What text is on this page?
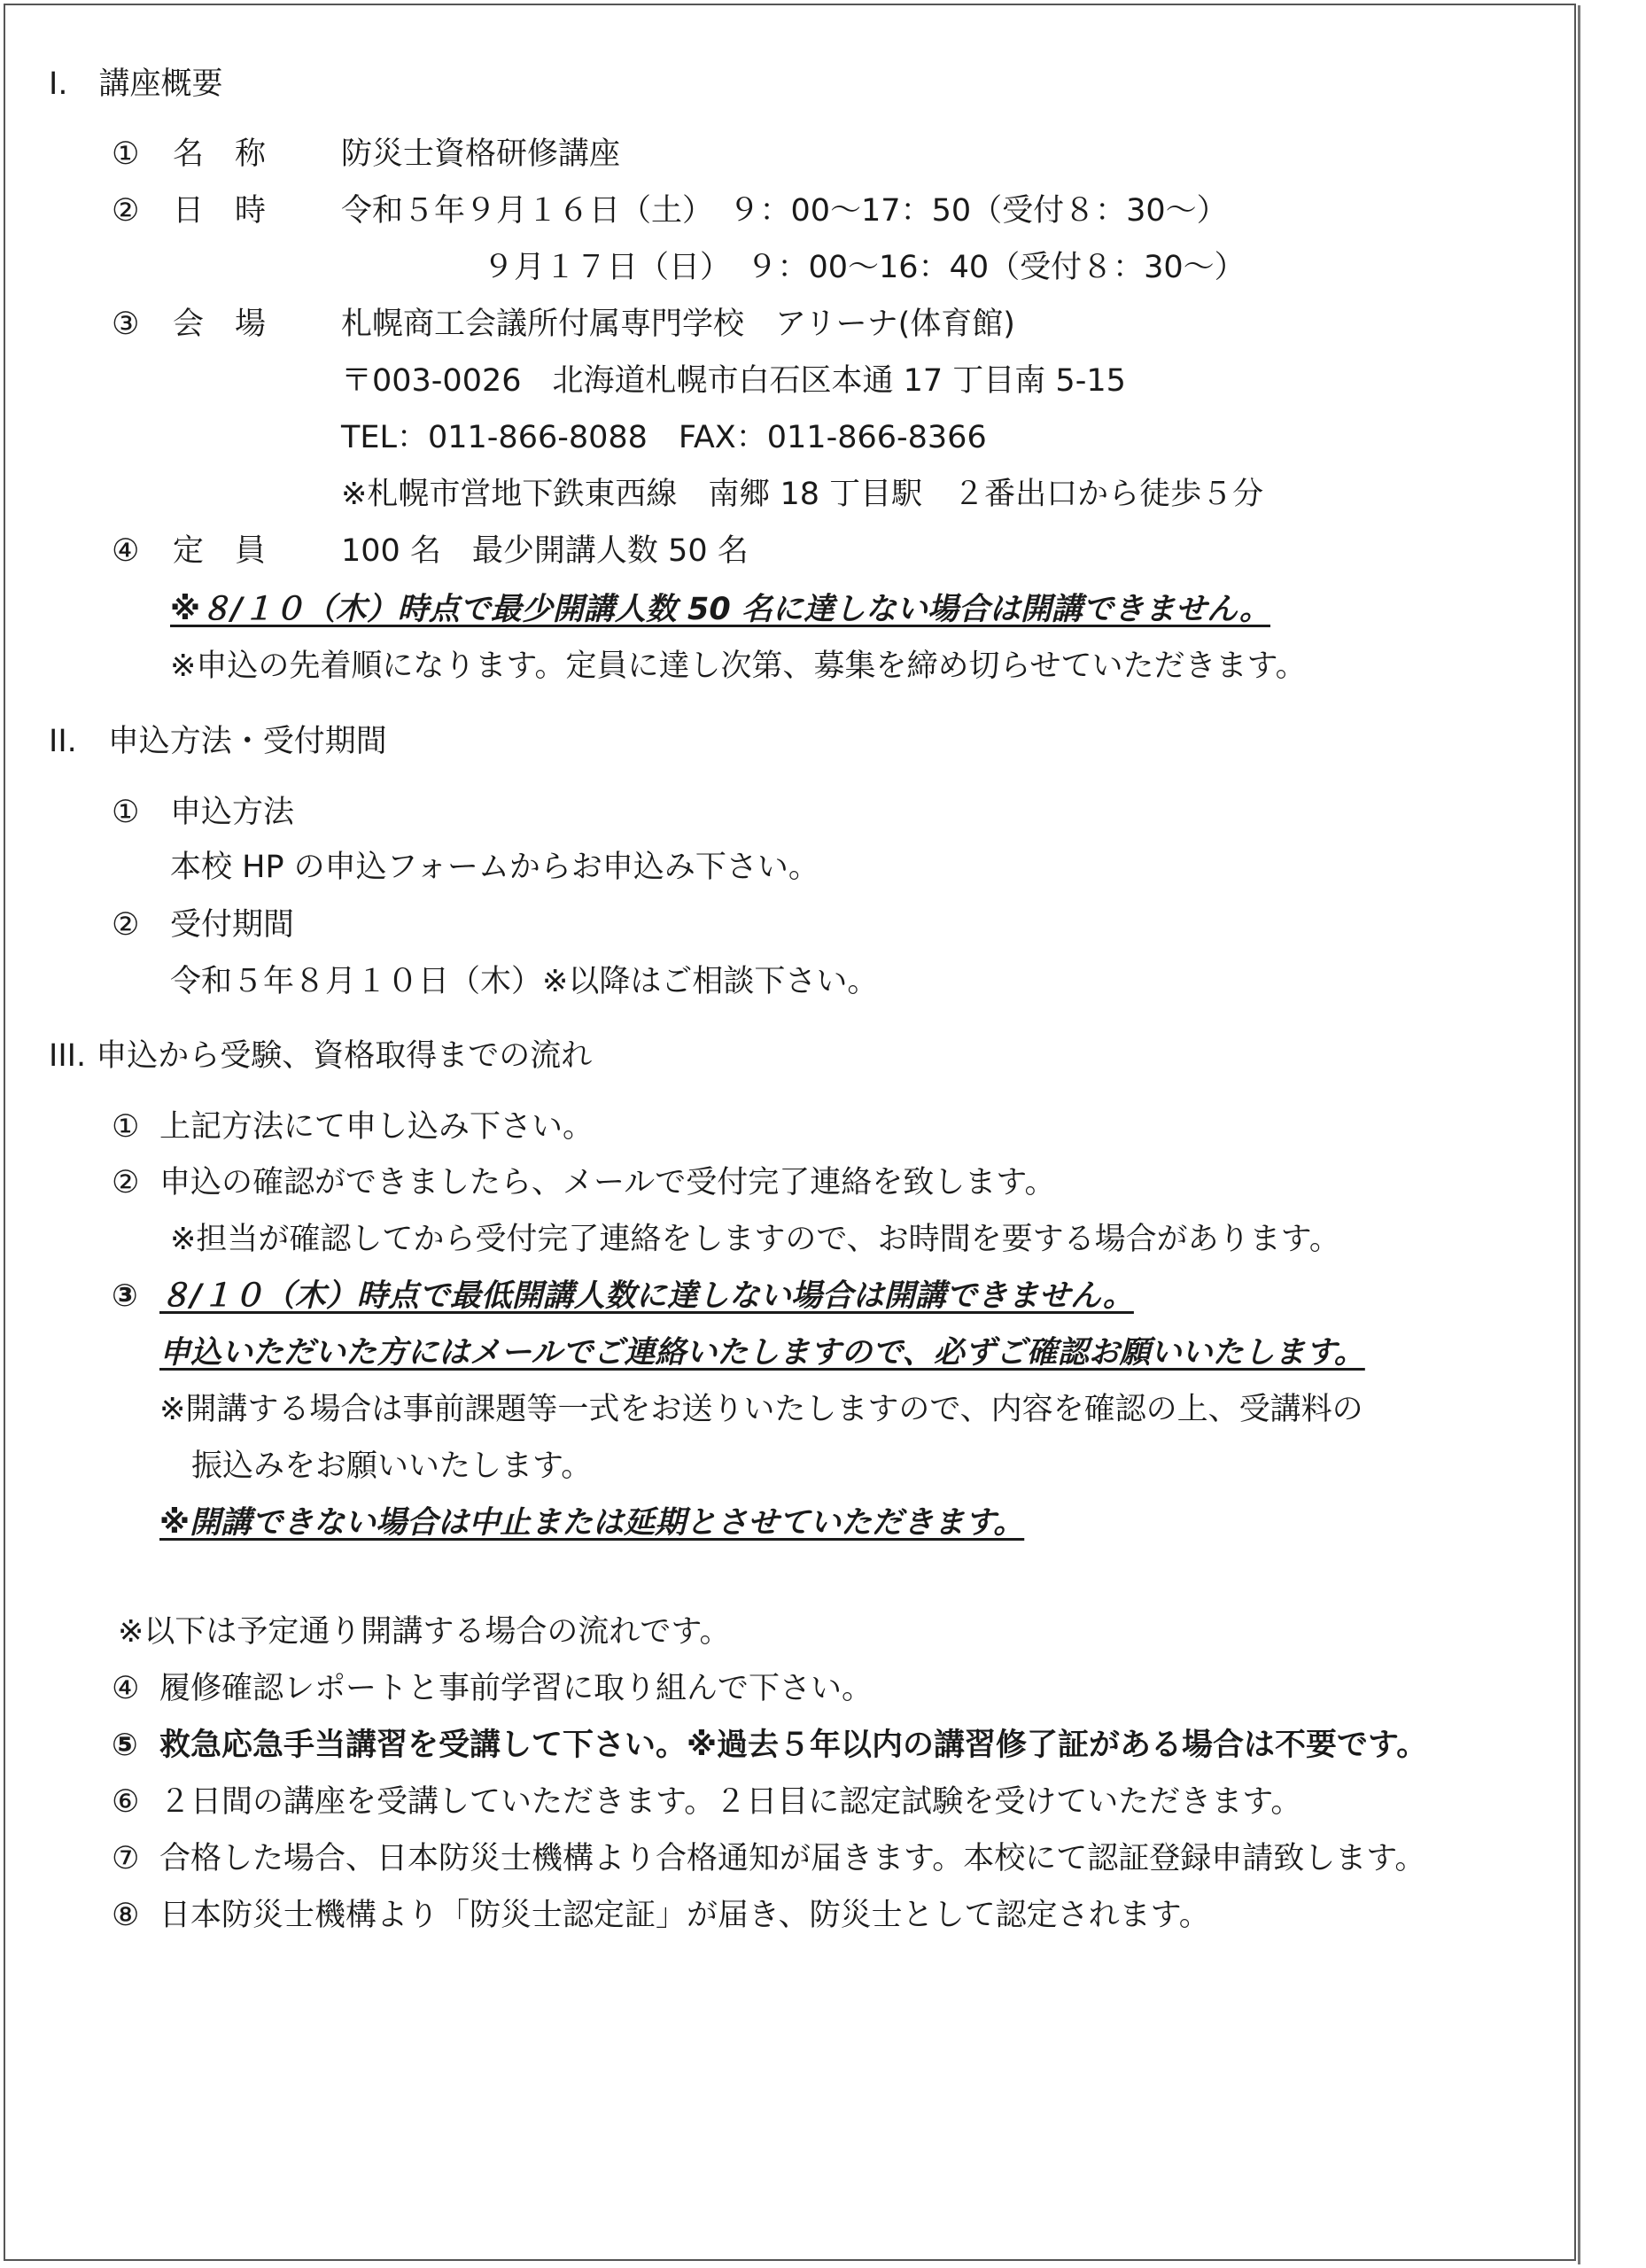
I.　講座概要
① 名　称 防災士資格研修講座
② 日　時 令和５年９月１６日（土）　９：00～17：50（受付８：30～）
９月１７日（日）　９：00～16：40（受付８：30～）
③ 会　場 札幌商工会議所付属専門学校　アリーナ(体育館)
〒003-0026　北海道札幌市白石区本通 17 丁目南 5-15
TEL：011-866-8088　FAX：011-866-8366
※札幌市営地下鉄東西線　南郷 18 丁目駅　２番出口から徒歩５分
④ 定　員 100 名　最少開講人数 50 名
※８/１０（木）時点で最少開講人数 50 名に達しない場合は開講できません。
※申込の先着順になります。定員に達し次第、募集を締め切らせていただきます。
II.　申込方法・受付期間
① 申込方法
本校 HP の申込フォームからお申込み下さい。
② 受付期間
令和５年８月１０日（木）※以降はご相談下さい。
III. 申込から受験、資格取得までの流れ
① 上記方法にて申し込み下さい。
② 申込の確認ができましたら、メールで受付完了連絡を致します。
※担当が確認してから受付完了連絡をしますので、お時間を要する場合があります。
③ ８/１０（木）時点で最低開講人数に達しない場合は開講できません。
申込いただいた方にはメールでご連絡いたしますので、必ずご確認お願いいたします。
※開講する場合は事前課題等一式をお送りいたしますので、内容を確認の上、受講料の
振込みをお願いいたします。
※開講できない場合は中止または延期とさせていただきます。
※以下は予定通り開講する場合の流れです。
④ 履修確認レポートと事前学習に取り組んで下さい。
⑤ 救急応急手当講習を受講して下さい。※過去５年以内の講習修了証がある場合は不要です。
⑥ ２日間の講座を受講していただきます。２日目に認定試験を受けていただきます。
⑦ 合格した場合、日本防災士機構より合格通知が届きます。本校にて認証登録申請致します。
⑧ 日本防災士機構より「防災士認定証」が届き、防災士として認定されます。
